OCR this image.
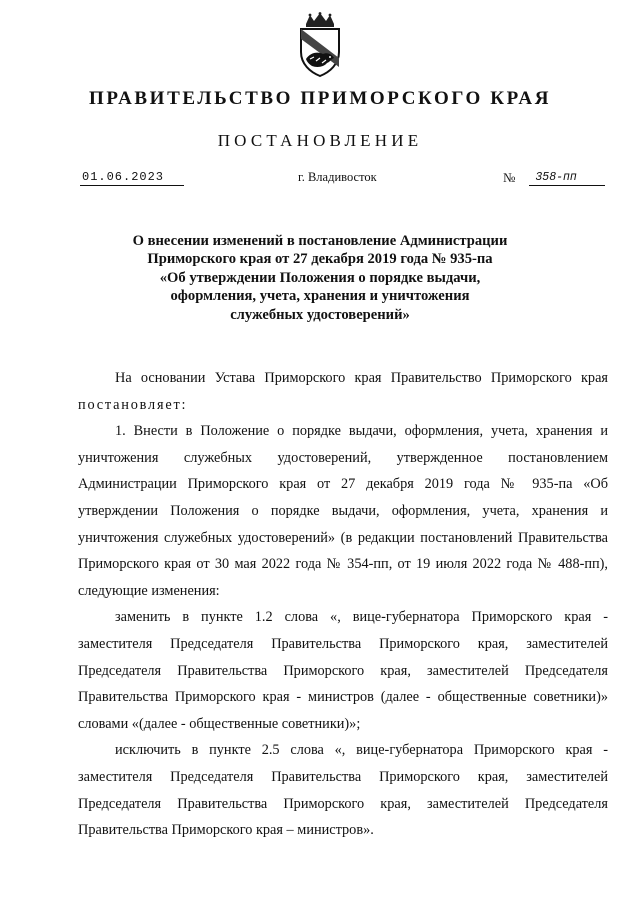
ПРАВИТЕЛЬСТВО ПРИМОРСКОГО КРАЯ
ПОСТАНОВЛЕНИЕ
01.06.2023	г. Владивосток	№	358-пп
О внесении изменений в постановление Администрации
Приморского края от 27 декабря 2019 года № 935-па
«Об утверждении Положения о порядке выдачи,
оформления, учета, хранения и уничтожения
служебных удостоверений»

На основании Устава Приморского края Правительство Приморского края постановляет:

1. Внести в Положение о порядке выдачи, оформления, учета, хранения и уничтожения служебных удостоверений, утвержденное постановлением Администрации Приморского края от 27 декабря 2019 года № 935-па «Об утверждении Положения о порядке выдачи, оформления, учета, хранения и уничтожения служебных удостоверений» (в редакции постановлений Правительства Приморского края от 30 мая 2022 года № 354-пп, от 19 июля 2022 года № 488-пп), следующие изменения:

заменить в пункте 1.2 слова «, вице-губернатора Приморского края - заместителя Председателя Правительства Приморского края, заместителей Председателя Правительства Приморского края, заместителей Председателя Правительства Приморского края - министров (далее - общественные советники)» словами «(далее - общественные советники)»;

исключить в пункте 2.5 слова «, вице-губернатора Приморского края - заместителя Председателя Правительства Приморского края, заместителей Председателя Правительства Приморского края, заместителей Председателя Правительства Приморского края – министров».
